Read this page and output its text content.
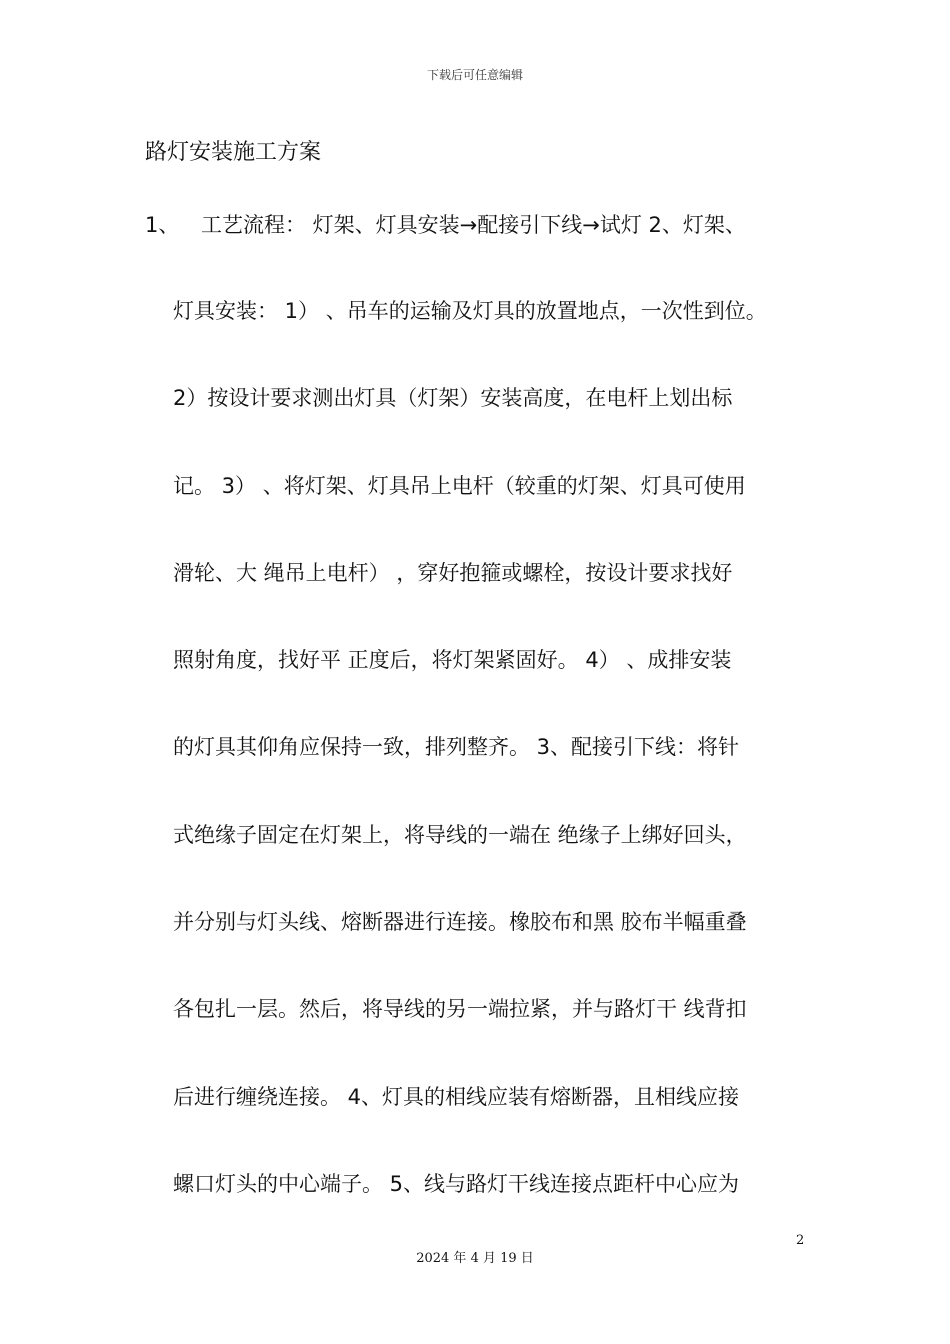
下载后可任意编辑
路灯安装施工方案
1、 工艺流程： 灯架、灯具安装→配接引下线→试灯 2、灯架、
灯具安装： 1） 、吊车的运输及灯具的放置地点，一次性到位。
2）按设计要求测出灯具（灯架）安装高度，在电杆上划出标
记。 3） 、将灯架、灯具吊上电杆（较重的灯架、灯具可使用
滑轮、大 绳吊上电杆） ，穿好抱箍或螺栓，按设计要求找好
照射角度，找好平 正度后，将灯架紧固好。 4） 、成排安装
的灯具其仰角应保持一致，排列整齐。 3、配接引下线：将针
式绝缘子固定在灯架上，将导线的一端在 绝缘子上绑好回头，
并分别与灯头线、熔断器进行连接。橡胶布和黑 胶布半幅重叠
各包扎一层。然后，将导线的另一端拉紧，并与路灯干 线背扣
后进行缠绕连接。 4、灯具的相线应装有熔断器，且相线应接
螺口灯头的中心端子。 5、线与路灯干线连接点距杆中心应为
2
2024 年 4 月 19 日
